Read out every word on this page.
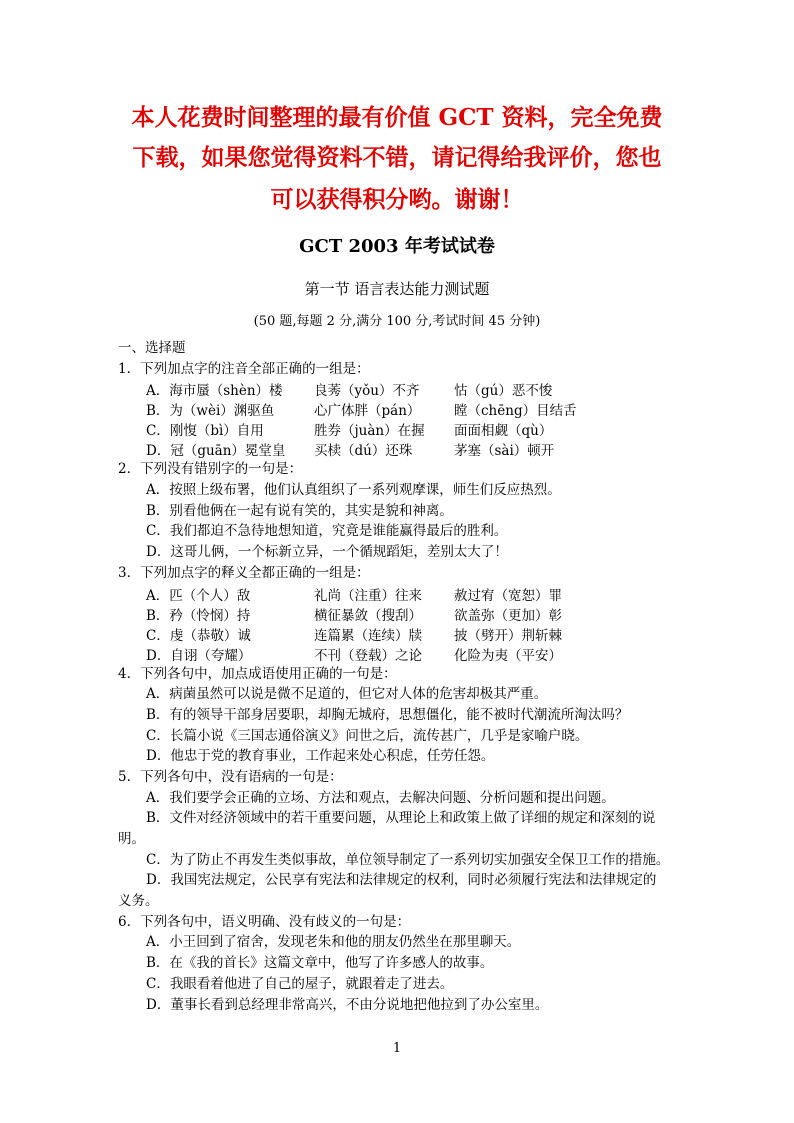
本人花费时间整理的最有价值 GCT 资料，完全免费
下载，如果您觉得资料不错，请记得给我评价，您也
可以获得积分哟。谢谢！
GCT 2003 年考试试卷
第一节 语言表达能力测试题
(50 题,每题 2 分,满分 100 分,考试时间 45 分钟)
一、选择题
1．下列加点字的注音全部正确的一组是：
A．海市蜃（shèn）楼	良莠（yǒu）不齐	怙（gú）恶不悛
B．为（wèi）渊驱鱼	心广体胖（pán）	瞠（chēng）目结舌
C．刚愎（bì）自用	胜券（juàn）在握	面面相觑（qù）
D．冠（guān）冕堂皇	买椟（dú）还珠	茅塞（sài）顿开
2．下列没有错别字的一句是：
A．按照上级布署，他们认真组织了一系列观摩课，师生们反应热烈。
B．别看他俩在一起有说有笑的，其实是貌和神离。
C．我们都迫不急待地想知道，究竟是谁能赢得最后的胜利。
D．这哥儿俩，一个标新立异，一个循规蹈矩，差别太大了！
3．下列加点字的释义全都正确的一组是：
A．匹（个人）敌	礼尚（注重）往来	赦过宥（宽恕）罪
B．矜（怜悯）持	横征暴敛（搜刮）	欲盖弥（更加）彰
C．虔（恭敬）诚	连篇累（连续）牍	披（劈开）荆斩棘
D．自诩（夸耀）	不刊（登载）之论	化险为夷（平安）
4．下列各句中，加点成语使用正确的一句是：
A．病菌虽然可以说是微不足道的，但它对人体的危害却极其严重。
B．有的领导干部身居要职，却胸无城府，思想僵化，能不被时代潮流所淘汰吗？
C．长篇小说《三国志通俗演义》问世之后，流传甚广，几乎是家喻户晓。
D．他忠于党的教育事业，工作起来处心积虑，任劳任怨。
5．下列各句中，没有语病的一句是：
A．我们要学会正确的立场、方法和观点，去解决问题、分析问题和提出问题。
B．文件对经济领域中的若干重要问题，从理论上和政策上做了详细的规定和深刻的说
明。
C．为了防止不再发生类似事故，单位领导制定了一系列切实加强安全保卫工作的措施。
D．我国宪法规定，公民享有宪法和法律规定的权利，同时必须履行宪法和法律规定的
义务。
6．下列各句中，语义明确、没有歧义的一句是：
A．小王回到了宿舍，发现老朱和他的朋友仍然坐在那里聊天。
B．在《我的首长》这篇文章中，他写了许多感人的故事。
C．我眼看着他进了自己的屋子，就跟着走了进去。
D．董事长看到总经理非常高兴，不由分说地把他拉到了办公室里。
1
